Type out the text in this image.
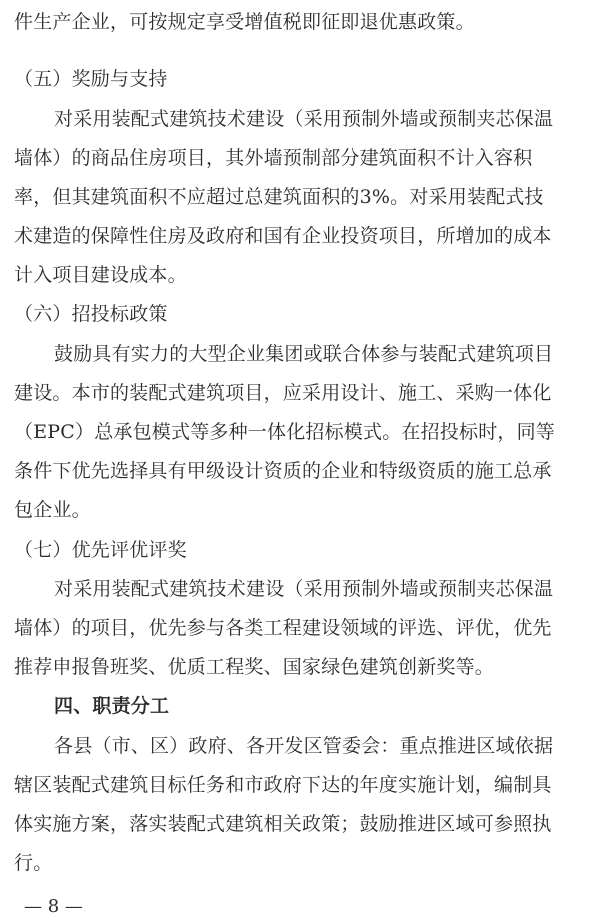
件生产企业，可按规定享受增值税即征即退优惠政策。
（五）奖励与支持
对采用装配式建筑技术建设（采用预制外墙或预制夹芯保温
墙体）的商品住房项目，其外墙预制部分建筑面积不计入容积
率，但其建筑面积不应超过总建筑面积的3%。对采用装配式技
术建造的保障性住房及政府和国有企业投资项目，所增加的成本
计入项目建设成本。
（六）招投标政策
鼓励具有实力的大型企业集团或联合体参与装配式建筑项目
建设。本市的装配式建筑项目，应采用设计、施工、采购一体化
（EPC）总承包模式等多种一体化招标模式。在招投标时，同等
条件下优先选择具有甲级设计资质的企业和特级资质的施工总承
包企业。
（七）优先评优评奖
对采用装配式建筑技术建设（采用预制外墙或预制夹芯保温
墙体）的项目，优先参与各类工程建设领域的评选、评优，优先
推荐申报鲁班奖、优质工程奖、国家绿色建筑创新奖等。
四、职责分工
各县（市、区）政府、各开发区管委会：重点推进区域依据
辖区装配式建筑目标任务和市政府下达的年度实施计划，编制具
体实施方案，落实装配式建筑相关政策；鼓励推进区域可参照执
行。
— 8 —
